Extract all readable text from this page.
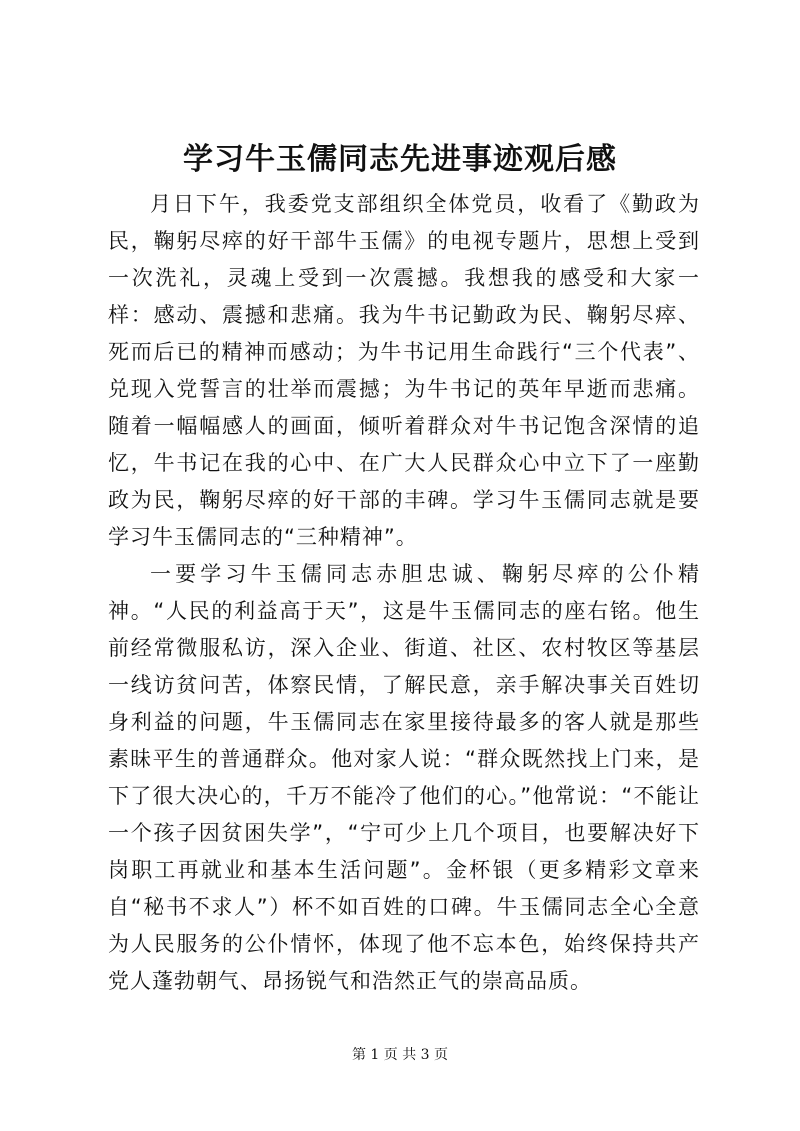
学习牛玉儒同志先进事迹观后感

月日下午，我委党支部组织全体党员，收看了《勤政为民，鞠躬尽瘁的好干部牛玉儒》的电视专题片，思想上受到一次洗礼，灵魂上受到一次震撼。我想我的感受和大家一样：感动、震撼和悲痛。我为牛书记勤政为民、鞠躬尽瘁、死而后已的精神而感动；为牛书记用生命践行“三个代表”、兑现入党誓言的壮举而震撼；为牛书记的英年早逝而悲痛。随着一幅幅感人的画面，倾听着群众对牛书记饱含深情的追忆，牛书记在我的心中、在广大人民群众心中立下了一座勤政为民，鞠躬尽瘁的好干部的丰碑。学习牛玉儒同志就是要学习牛玉儒同志的“三种精神”。

一要学习牛玉儒同志赤胆忠诚、鞠躬尽瘁的公仆精神。“人民的利益高于天”，这是牛玉儒同志的座右铭。他生前经常微服私访，深入企业、街道、社区、农村牧区等基层一线访贫问苦，体察民情，了解民意，亲手解决事关百姓切身利益的问题，牛玉儒同志在家里接待最多的客人就是那些素昧平生的普通群众。他对家人说：“群众既然找上门来，是下了很大决心的，千万不能冷了他们的心。”他常说：“不能让一个孩子因贫困失学”，“宁可少上几个项目，也要解决好下岗职工再就业和基本生活问题”。金杯银（更多精彩文章来自“秘书不求人”）杯不如百姓的口碑。牛玉儒同志全心全意为人民服务的公仆情怀，体现了他不忘本色，始终保持共产党人蓬勃朝气、昂扬锐气和浩然正气的崇高品质。

第 1 页 共 3 页
